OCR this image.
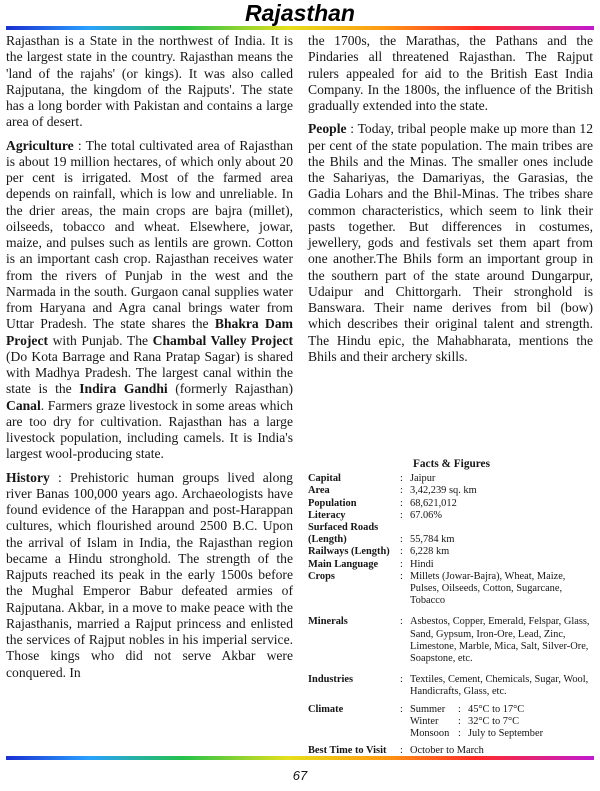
Rajasthan

Rajasthan is a State in the northwest of India. It is the largest state in the country. Rajasthan means the 'land of the rajahs' (or kings). It was also called Rajputana, the kingdom of the Rajputs'. The state has a long border with Pakistan and contains a large area of desert.

Agriculture : The total cultivated area of Rajasthan is about 19 million hectares, of which only about 20 per cent is irrigated. Most of the farmed area depends on rainfall, which is low and unreliable. In the drier areas, the main crops are bajra (millet), oilseeds, tobacco and wheat. Elsewhere, jowar, maize, and pulses such as lentils are grown. Cotton is an important cash crop. Rajasthan receives water from the rivers of Punjab in the west and the Narmada in the south. Gurgaon canal supplies water from Haryana and Agra canal brings water from Uttar Pradesh. The state shares the Bhakra Dam Project with Punjab. The Chambal Valley Project (Do Kota Barrage and Rana Pratap Sagar) is shared with Madhya Pradesh. The largest canal within the state is the Indira Gandhi (formerly Rajasthan) Canal. Farmers graze livestock in some areas which are too dry for cultivation. Rajasthan has a large livestock population, including camels. It is India's largest wool-producing state.

History : Prehistoric human groups lived along river Banas 100,000 years ago. Archaeologists have found evidence of the Harappan and post-Harappan cultures, which flourished around 2500 B.C. Upon the arrival of Islam in India, the Rajasthan region became a Hindu stronghold. The strength of the Rajputs reached its peak in the early 1500s before the Mughal Emperor Babur defeated armies of Rajputana. Akbar, in a move to make peace with the Rajasthanis, married a Rajput princess and enlisted the services of Rajput nobles in his imperial service. Those kings who did not serve Akbar were conquered. In

the 1700s, the Marathas, the Pathans and the Pindaries all threatened Rajasthan. The Rajput rulers appealed for aid to the British East India Company. In the 1800s, the influence of the British gradually extended into the state.

People : Today, tribal people make up more than 12 per cent of the state population. The main tribes are the Bhils and the Minas. The smaller ones include the Sahariyas, the Damariyas, the Garasias, the Gadia Lohars and the Bhil-Minas. The tribes share common characteristics, which seem to link their pasts together. But differences in costumes, jewellery, gods and festivals set them apart from one another.The Bhils form an important group in the southern part of the state around Dungarpur, Udaipur and Chittorgarh. Their stronghold is Banswara. Their name derives from bil (bow) which describes their original talent and strength. The Hindu epic, the Mahabharata, mentions the Bhils and their archery skills.

Facts & Figures
Capital	: Jaipur
Area	: 3,42,239 sq. km
Population	: 68,621,012
Literacy	: 67.06%
Surfaced Roads
(Length)	: 55,784 km
Railways (Length) : 6,228 km
Main Language	: Hindi
Crops	: Millets (Jowar-Bajra), Wheat, Maize, Pulses, Oilseeds, Cotton, Sugarcane, Tobacco
Minerals	: Asbestos, Copper, Emerald, Felspar, Glass, Sand, Gypsum, Iron-Ore, Lead, Zinc, Limestone, Marble, Mica, Salt, Silver-Ore, Soapstone, etc.
Industries	: Textiles, Cement, Chemicals, Sugar, Wool, Handicrafts, Glass, etc.
Climate	: Summer	: 45°C to 17°C
Winter	: 32°C to 7°C
Monsoon : July to September
Best Time to Visit	: October to March
67
